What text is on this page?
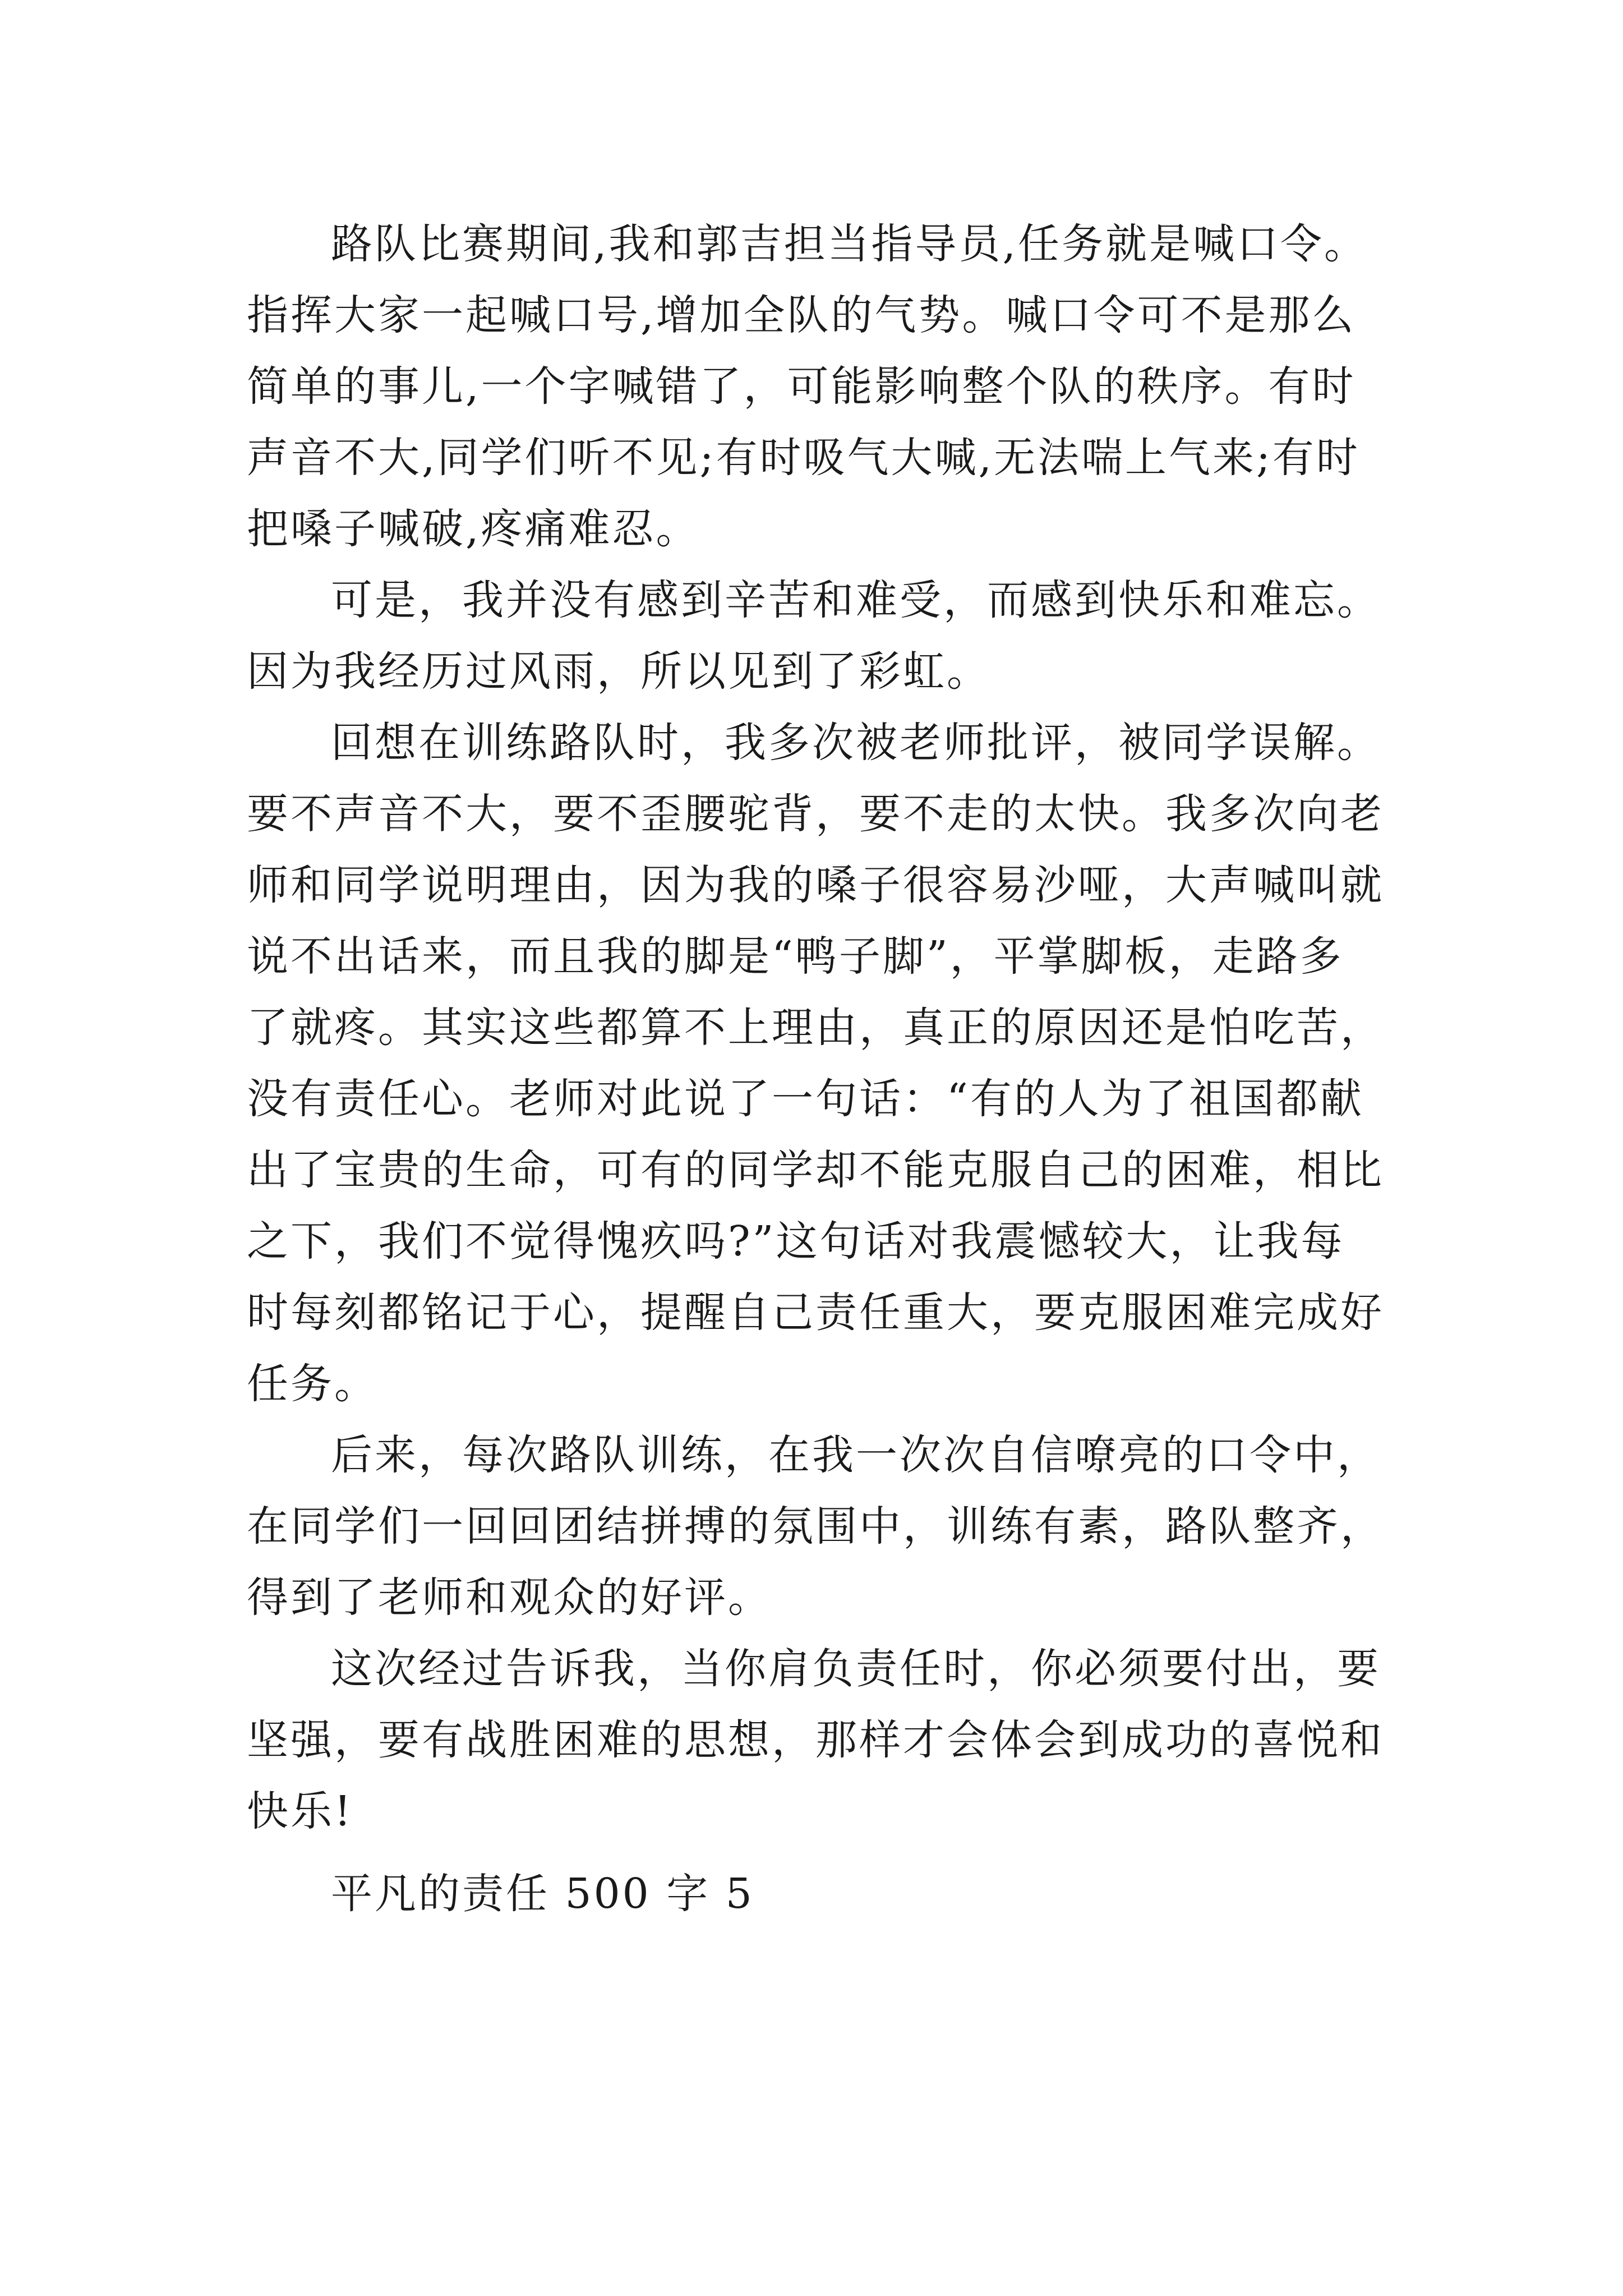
路队比赛期间,我和郭吉担当指导员,任务就是喊口令。
指挥大家一起喊口号,增加全队的气势。喊口令可不是那么
简单的事儿,一个字喊错了，可能影响整个队的秩序。有时
声音不大,同学们听不见;有时吸气大喊,无法喘上气来;有时
把嗓子喊破,疼痛难忍。
可是，我并没有感到辛苦和难受，而感到快乐和难忘。
因为我经历过风雨，所以见到了彩虹。
回想在训练路队时，我多次被老师批评，被同学误解。
要不声音不大，要不歪腰驼背，要不走的太快。我多次向老
师和同学说明理由，因为我的嗓子很容易沙哑，大声喊叫就
说不出话来，而且我的脚是“鸭子脚”，平掌脚板，走路多
了就疼。其实这些都算不上理由，真正的原因还是怕吃苦，
没有责任心。老师对此说了一句话：“有的人为了祖国都献
出了宝贵的生命，可有的同学却不能克服自己的困难，相比
之下，我们不觉得愧疚吗?”这句话对我震憾较大，让我每
时每刻都铭记于心，提醒自己责任重大，要克服困难完成好
任务。
后来，每次路队训练，在我一次次自信嘹亮的口令中，
在同学们一回回团结拼搏的氛围中，训练有素，路队整齐，
得到了老师和观众的好评。
这次经过告诉我，当你肩负责任时，你必须要付出，要
坚强，要有战胜困难的思想，那样才会体会到成功的喜悦和
快乐!
平凡的责任 500 字 5
